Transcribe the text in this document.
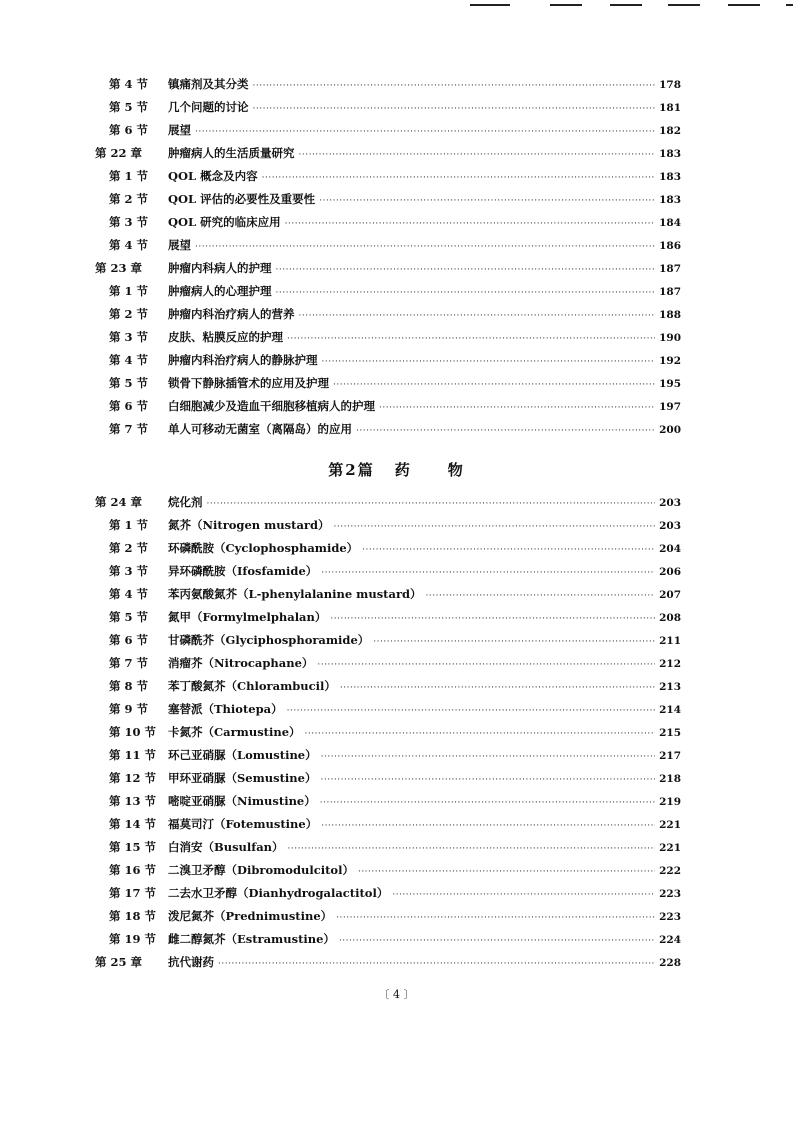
第 4 节	镇痛剂及其分类 ·····	178
第 5 节	几个问题的讨论 ·····	181
第 6 节	展望 ·····	182
第 22 章	肿瘤病人的生活质量研究 ·····	183
第 1 节	QOL 概念及内容 ·····	183
第 2 节	QOL 评估的必要性及重要性 ·····	183
第 3 节	QOL 研究的临床应用 ·····	184
第 4 节	展望 ·····	186
第 23 章	肿瘤内科病人的护理 ·····	187
第 1 节	肿瘤病人的心理护理 ·····	187
第 2 节	肿瘤内科治疗病人的营养 ·····	188
第 3 节	皮肤、粘膜反应的护理 ·····	190
第 4 节	肿瘤内科治疗病人的静脉护理 ·····	192
第 5 节	锁骨下静脉插管术的应用及护理 ·····	195
第 6 节	白细胞减少及造血干细胞移植病人的护理 ·····	197
第 7 节	单人可移动无菌室（离隔岛）的应用 ·····	200
第2篇 药 物
第 24 章	烷化剂 ·····	203
第 1 节	氮芥（Nitrogen mustard） ·····	203
第 2 节	环磷酰胺（Cyclophosphamide） ·····	204
第 3 节	异环磷酰胺（Ifosfamide） ·····	206
第 4 节	苯丙氨酸氮芥（L-phenylalanine mustard） ·····	207
第 5 节	氮甲（Formylmelphalan） ·····	208
第 6 节	甘磷酰芥（Glyciphosphoramide） ·····	211
第 7 节	消瘤芥（Nitrocaphane） ·····	212
第 8 节	苯丁酸氮芥（Chlorambucil） ·····	213
第 9 节	塞替派（Thiotepa） ·····	214
第 10 节	卡氮芥（Carmustine） ·····	215
第 11 节	环己亚硝脲（Lomustine） ·····	217
第 12 节	甲环亚硝脲（Semustine） ·····	218
第 13 节	嘧啶亚硝脲（Nimustine） ·····	219
第 14 节	福莫司汀（Fotemustine） ·····	221
第 15 节	白消安（Busulfan） ·····	221
第 16 节	二溴卫矛醇（Dibromodulcitol） ·····	222
第 17 节	二去水卫矛醇（Dianhydrogalactitol） ·····	223
第 18 节	泼尼氮芥（Prednimustine） ·····	223
第 19 节	雌二醇氮芥（Estramustine） ·····	224
第 25 章	抗代谢药 ·····	228
〔 4 〕
